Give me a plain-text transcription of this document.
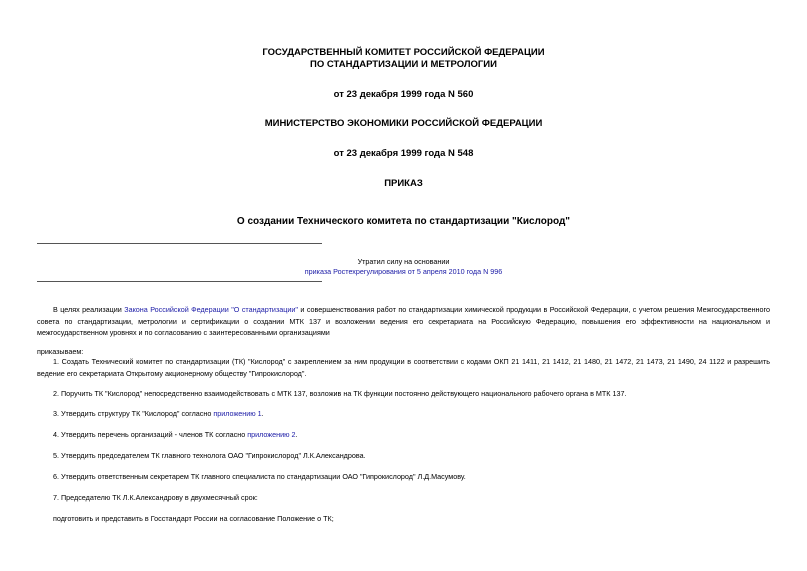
ГОСУДАРСТВЕННЫЙ КОМИТЕТ РОССИЙСКОЙ ФЕДЕРАЦИИ
ПО СТАНДАРТИЗАЦИИ И МЕТРОЛОГИИ
от 23 декабря 1999 года N 560
МИНИСТЕРСТВО ЭКОНОМИКИ РОССИЙСКОЙ ФЕДЕРАЦИИ
от 23 декабря 1999 года N 548
ПРИКАЗ
О создании Технического комитета по стандартизации "Кислород"
Утратил силу на основании
приказа Ростехрегулирования от 5 апреля 2010 года N 996
В целях реализации Закона Российской Федерации "О стандартизации" и совершенствования работ по стандартизации химической продукции в Российской Федерации, с учетом решения Межгосударственного совета по стандартизации, метрологии и сертификации о создании МТК 137 и возложении ведения его секретариата на Российскую Федерацию, повышения его эффективности на национальном и межгосударственном уровнях и по согласованию с заинтересованными организациями
приказываем:
1. Создать Технический комитет по стандартизации (ТК) "Кислород" с закреплением за ним продукции в соответствии с кодами ОКП 21 1411, 21 1412, 21 1480, 21 1472, 21 1473, 21 1490, 24 1122 и разрешить ведение его секретариата Открытому акционерному обществу "Гипрокислород".
2. Поручить ТК "Кислород" непосредственно взаимодействовать с МТК 137, возложив на ТК функции постоянно действующего национального рабочего органа в МТК 137.
3. Утвердить структуру ТК "Кислород" согласно приложению 1.
4. Утвердить перечень организаций - членов ТК согласно приложению 2.
5. Утвердить председателем ТК главного технолога ОАО "Гипрокислород" Л.К.Александрова.
6. Утвердить ответственным секретарем ТК главного специалиста по стандартизации ОАО "Гипрокислород" Л.Д.Масумову.
7. Председателю ТК Л.К.Александрову в двухмесячный срок:
подготовить и представить в Госстандарт России на согласование Положение о ТК;
